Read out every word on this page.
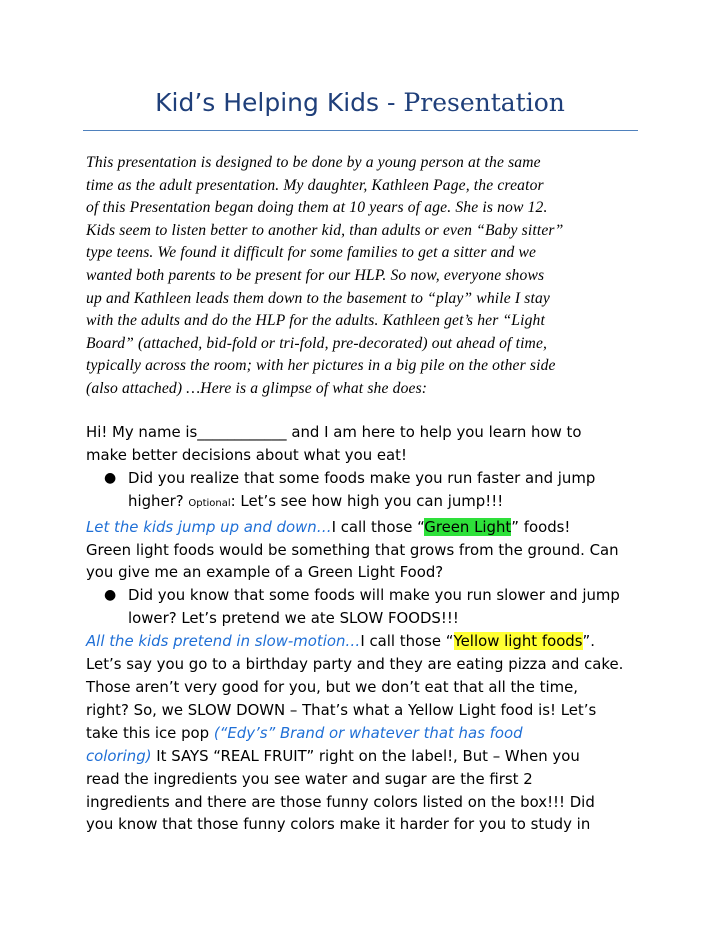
Kid’s Helping Kids - Presentation
This presentation is designed to be done by a young person at the same
time as the adult presentation. My daughter, Kathleen Page, the creator
of this Presentation began doing them at 10 years of age. She is now 12.
Kids seem to listen better to another kid, than adults or even “Baby sitter”
type teens. We found it difficult for some families to get a sitter and we
wanted both parents to be present for our HLP. So now, everyone shows
up and Kathleen leads them down to the basement to “play” while I stay
with the adults and do the HLP for the adults. Kathleen get’s her “Light
Board” (attached, bid-fold or tri-fold, pre-decorated) out ahead of time,
typically across the room; with her pictures in a big pile on the other side
(also attached) …Here is a glimpse of what she does:
Hi! My name is____________ and I am here to help you learn how to
make better decisions about what you eat!
● Did you realize that some foods make you run faster and jump
higher? Optional: Let’s see how high you can jump!!!
Let the kids jump up and down…I call those “Green Light” foods!
Green light foods would be something that grows from the ground. Can
you give me an example of a Green Light Food?
● Did you know that some foods will make you run slower and jump
lower? Let’s pretend we ate SLOW FOODS!!!
All the kids pretend in slow-motion…I call those “Yellow light foods”.
Let’s say you go to a birthday party and they are eating pizza and cake.
Those aren’t very good for you, but we don’t eat that all the time,
right? So, we SLOW DOWN – That’s what a Yellow Light food is! Let’s
take this ice pop (“Edy’s” Brand or whatever that has food
coloring) It SAYS “REAL FRUIT” right on the label!, But – When you
read the ingredients you see water and sugar are the first 2
ingredients and there are those funny colors listed on the box!!! Did
you know that those funny colors make it harder for you to study in
